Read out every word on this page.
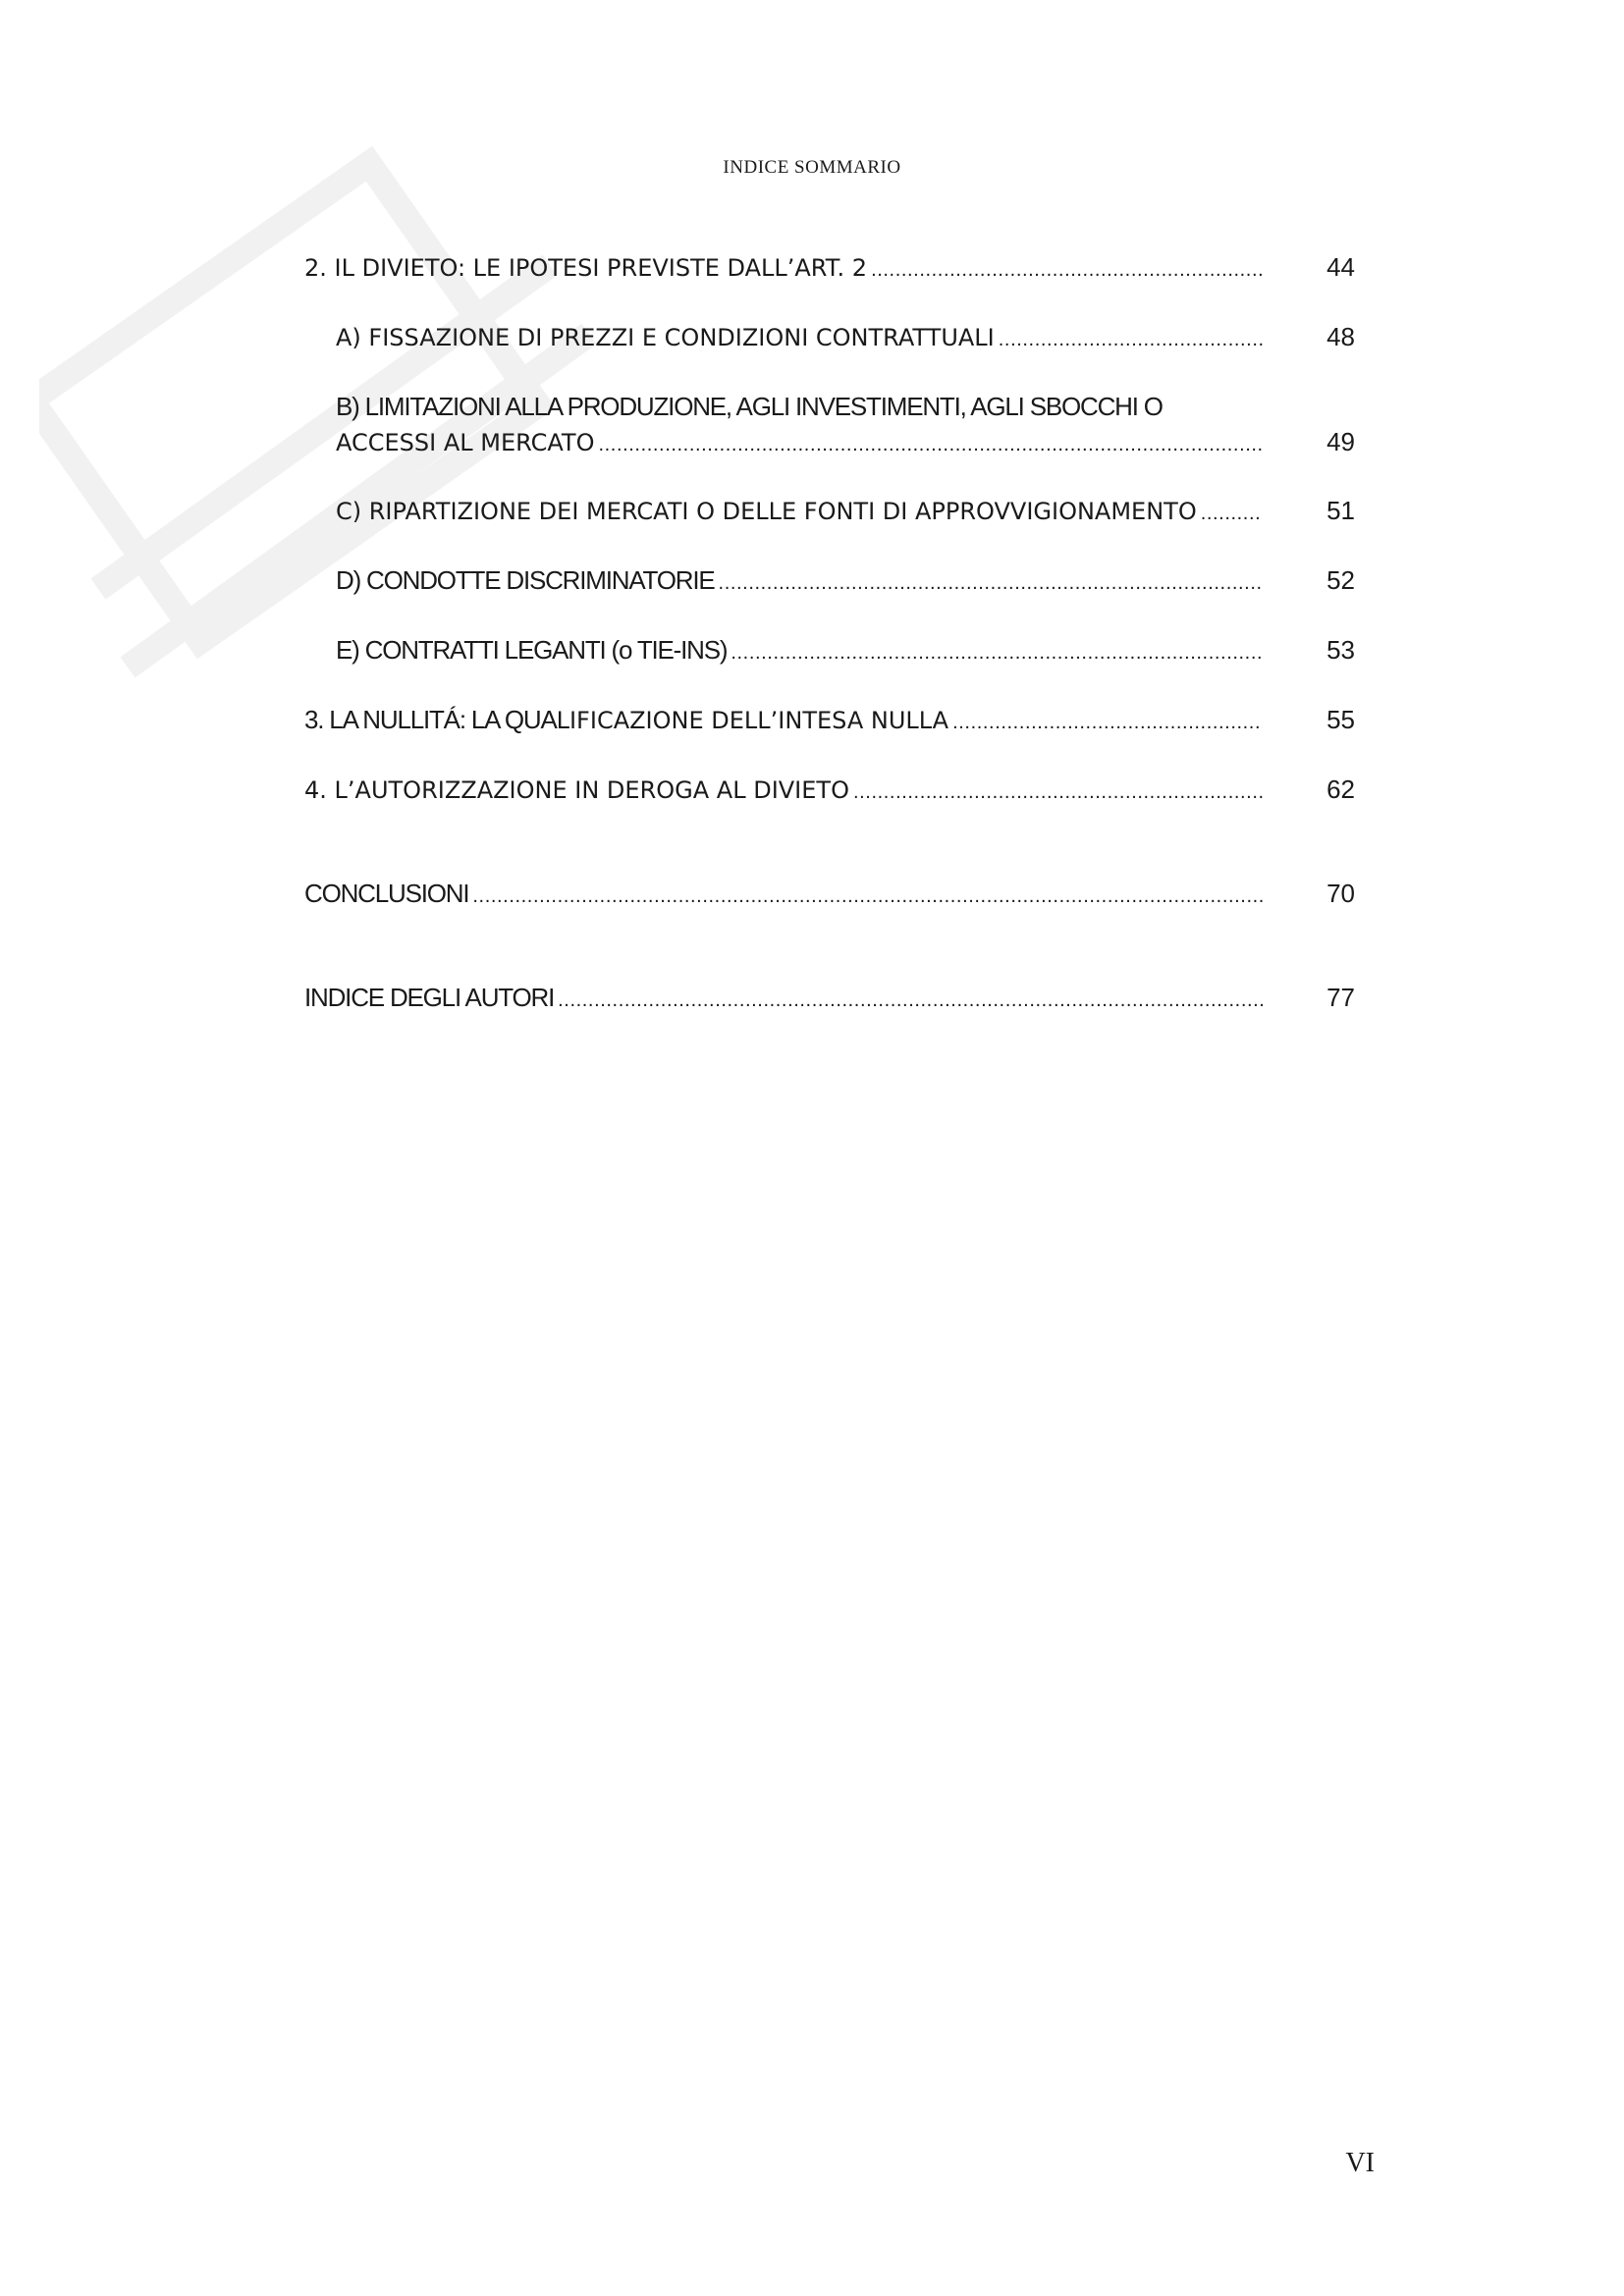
INDICE SOMMARIO
2. IL DIVIETO: LE IPOTESI PREVISTE DALL’ART. 2 .....	44
A) FISSAZIONE DI PREZZI E CONDIZIONI CONTRATTUALI .....	48
B) LIMITAZIONI ALLA PRODUZIONE, AGLI INVESTIMENTI, AGLI SBOCCHI O
ACCESSI AL MERCATO .....	49
C) RIPARTIZIONE DEI MERCATI O DELLE FONTI DI APPROVVIGIONAMENTO .....	51
D) CONDOTTE DISCRIMINATORIE .....	52
E) CONTRATTI LEGANTI (o TIE-INS) .....	53
3. LA NULLITÁ: LA QUALIFICAZIONE DELL’INTESA NULLA .....	55
4. L’AUTORIZZAZIONE IN DEROGA AL DIVIETO .....	62
CONCLUSIONI .....	70
INDICE DEGLI AUTORI .....	77
VI
